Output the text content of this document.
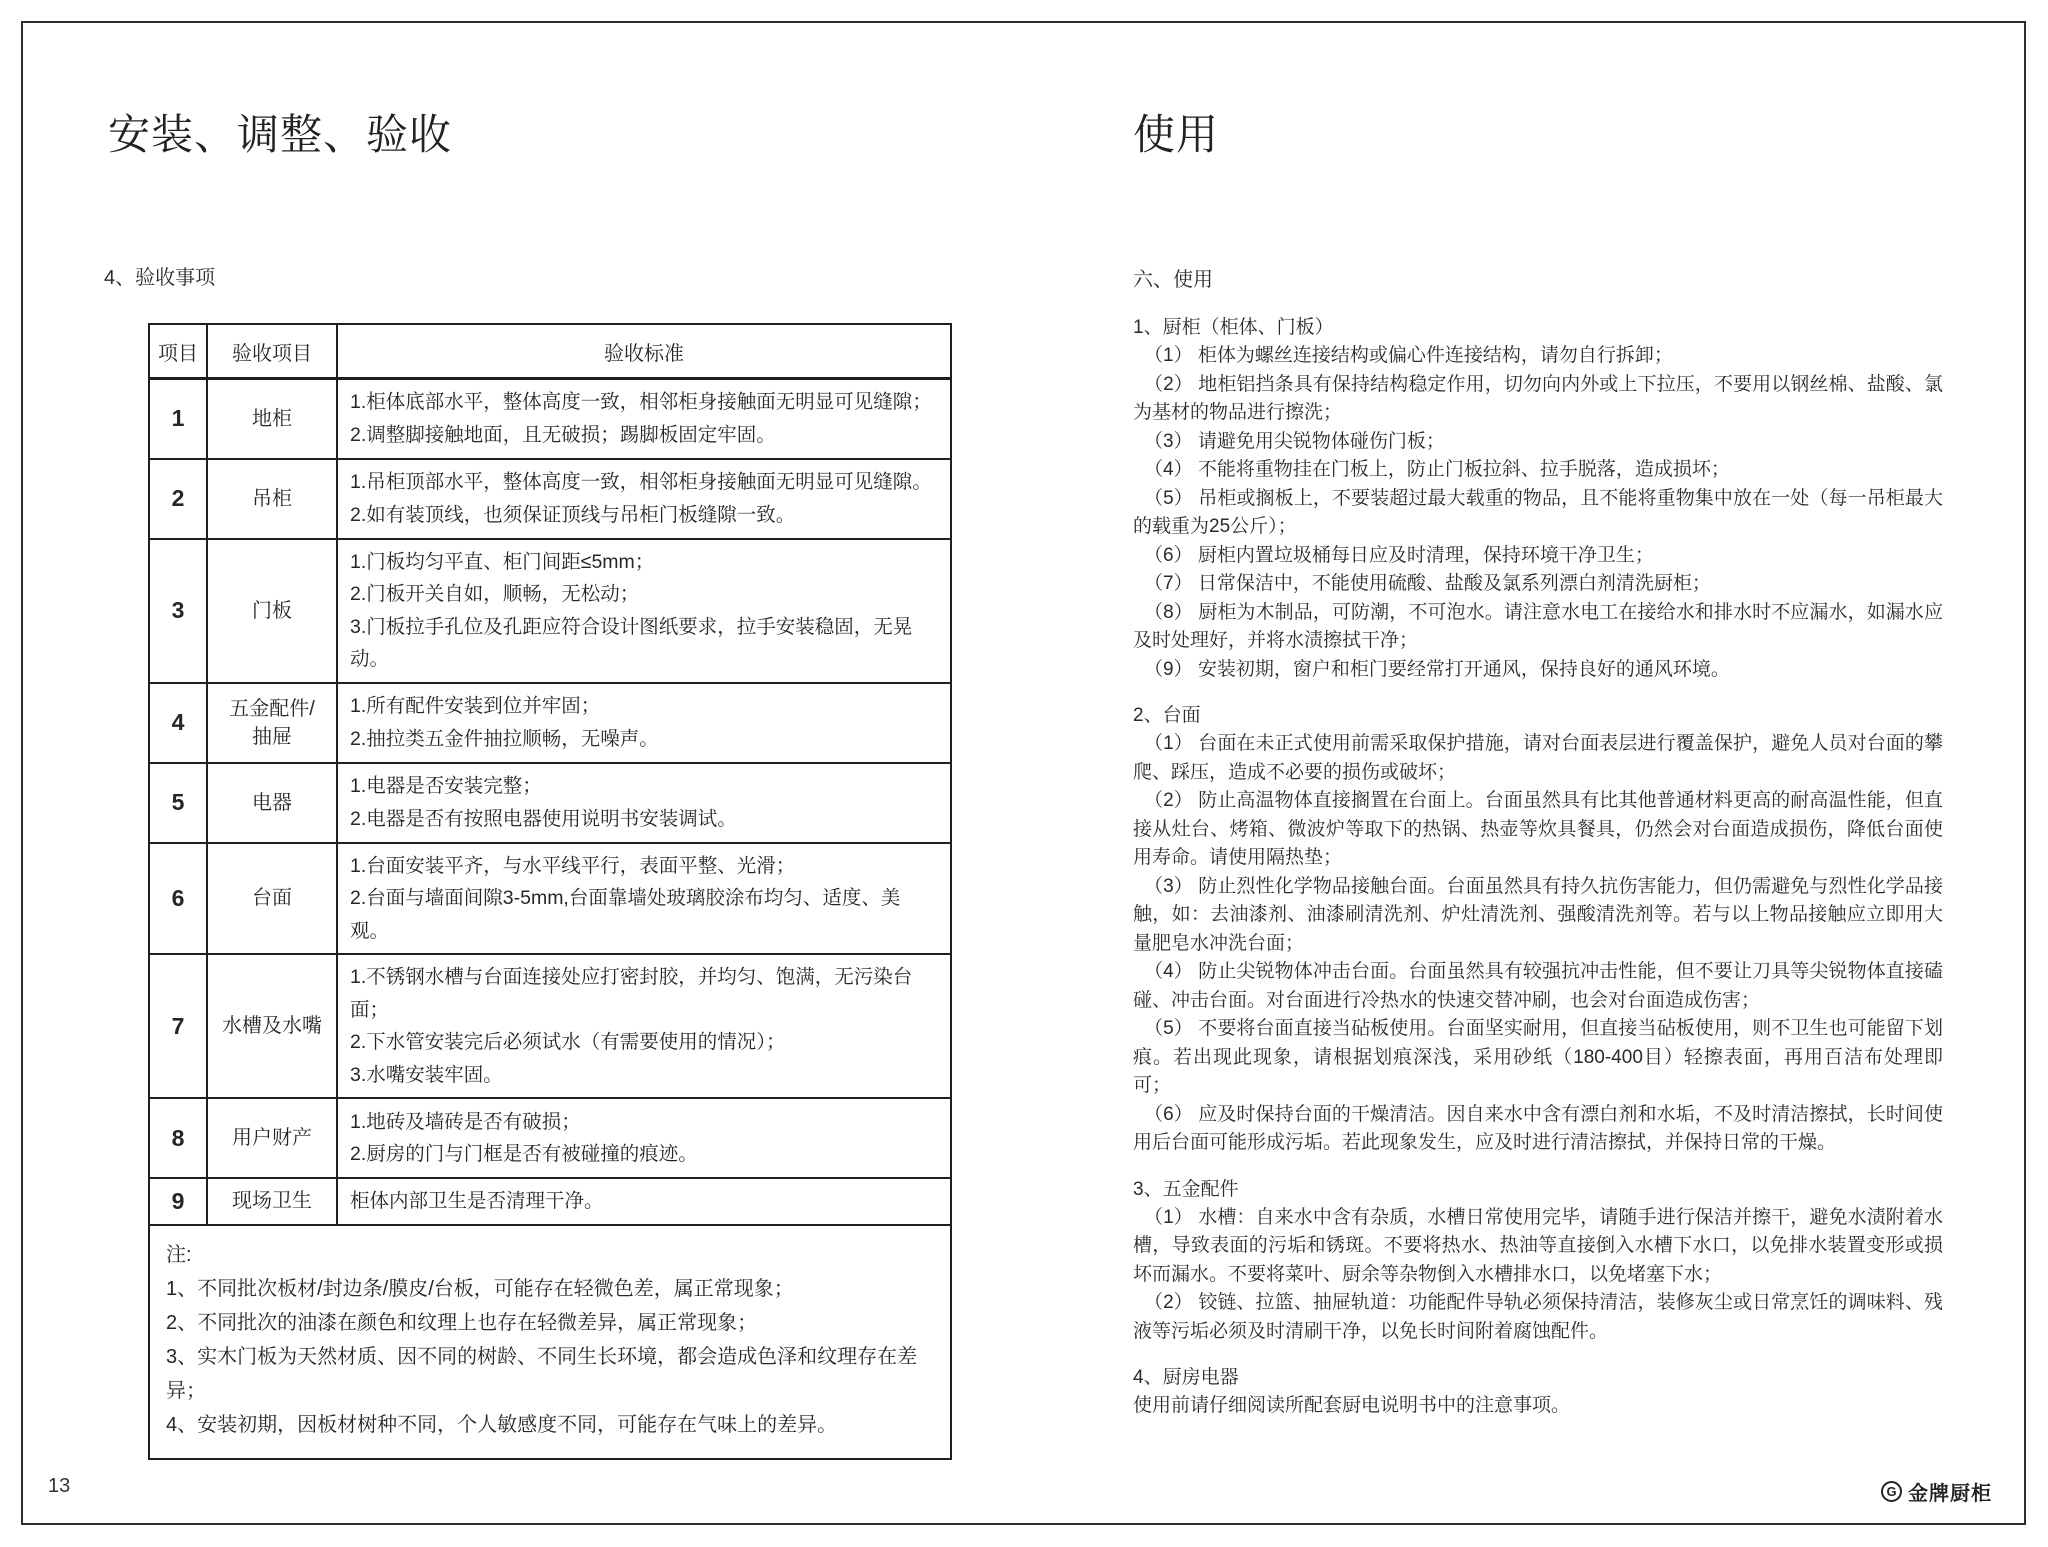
安装、调整、验收
4、验收事项
项目	验收项目	验收标准
1	地柜	1.柜体底部水平，整体高度一致，相邻柜身接触面无明显可见缝隙；
2.调整脚接触地面，且无破损；踢脚板固定牢固。

2	吊柜	1.吊柜顶部水平，整体高度一致，相邻柜身接触面无明显可见缝隙。
2.如有装顶线，也须保证顶线与吊柜门板缝隙一致。

3	门板	1.门板均匀平直、柜门间距≤5mm；
2.门板开关自如，顺畅，无松动；
3.门板拉手孔位及孔距应符合设计图纸要求，拉手安装稳固，无晃动。

4	五金配件/抽屉	1.所有配件安装到位并牢固；
2.抽拉类五金件抽拉顺畅，无噪声。

5	电器	1.电器是否安装完整；
2.电器是否有按照电器使用说明书安装调试。

6	台面	1.台面安装平齐，与水平线平行，表面平整、光滑；
2.台面与墙面间隙3-5mm,台面靠墙处玻璃胶涂布均匀、适度、美观。

7	水槽及水嘴	1.不锈钢水槽与台面连接处应打密封胶，并均匀、饱满，无污染台面；
2.下水管安装完后必须试水（有需要使用的情况）；
3.水嘴安装牢固。

8	用户财产	1.地砖及墙砖是否有破损；
2.厨房的门与门框是否有被碰撞的痕迹。

9	现场卫生	柜体内部卫生是否清理干净。

注:
1、不同批次板材/封边条/膜皮/台板，可能存在轻微色差，属正常现象；
2、不同批次的油漆在颜色和纹理上也存在轻微差异，属正常现象；
3、实木门板为天然材质、因不同的树龄、不同生长环境，都会造成色泽和纹理存在差异；
4、安装初期，因板材树种不同，个人敏感度不同，可能存在气味上的差异。		
使用
六、使用
1、厨柜（柜体、门板）

（1） 柜体为螺丝连接结构或偏心件连接结构，请勿自行拆卸；

（2） 地柜铝挡条具有保持结构稳定作用，切勿向内外或上下拉压，不要用以钢丝棉、盐酸、氯为基材的物品进行擦洗；

（3） 请避免用尖锐物体碰伤门板；

（4） 不能将重物挂在门板上，防止门板拉斜、拉手脱落，造成损坏；

（5） 吊柜或搁板上，不要装超过最大载重的物品，且不能将重物集中放在一处（每一吊柜最大的载重为25公斤）；

（6） 厨柜内置垃圾桶每日应及时清理，保持环境干净卫生；

（7） 日常保洁中，不能使用硫酸、盐酸及氯系列漂白剂清洗厨柜；

（8） 厨柜为木制品，可防潮，不可泡水。请注意水电工在接给水和排水时不应漏水，如漏水应及时处理好，并将水渍擦拭干净；

（9） 安装初期，窗户和柜门要经常打开通风，保持良好的通风环境。

2、台面

（1） 台面在未正式使用前需采取保护措施，请对台面表层进行覆盖保护，避免人员对台面的攀爬、踩压，造成不必要的损伤或破坏；

（2） 防止高温物体直接搁置在台面上。台面虽然具有比其他普通材料更高的耐高温性能，但直接从灶台、烤箱、微波炉等取下的热锅、热壶等炊具餐具，仍然会对台面造成损伤，降低台面使用寿命。请使用隔热垫；

（3） 防止烈性化学物品接触台面。台面虽然具有持久抗伤害能力，但仍需避免与烈性化学品接触，如：去油漆剂、油漆刷清洗剂、炉灶清洗剂、强酸清洗剂等。若与以上物品接触应立即用大量肥皂水冲洗台面；

（4） 防止尖锐物体冲击台面。台面虽然具有较强抗冲击性能，但不要让刀具等尖锐物体直接磕碰、冲击台面。对台面进行冷热水的快速交替冲刷，也会对台面造成伤害；

（5） 不要将台面直接当砧板使用。台面坚实耐用，但直接当砧板使用，则不卫生也可能留下划痕。若出现此现象，请根据划痕深浅，采用砂纸（180-400目）轻擦表面，再用百洁布处理即可；

（6） 应及时保持台面的干燥清洁。因自来水中含有漂白剂和水垢，不及时清洁擦拭，长时间使用后台面可能形成污垢。若此现象发生，应及时进行清洁擦拭，并保持日常的干燥。

3、五金配件

（1） 水槽：自来水中含有杂质，水槽日常使用完毕，请随手进行保洁并擦干，避免水渍附着水槽，导致表面的污垢和锈斑。不要将热水、热油等直接倒入水槽下水口，以免排水装置变形或损坏而漏水。不要将菜叶、厨余等杂物倒入水槽排水口，以免堵塞下水；

（2） 铰链、拉篮、抽屉轨道：功能配件导轨必须保持清洁，装修灰尘或日常烹饪的调味料、残液等污垢必须及时清刷干净，以免长时间附着腐蚀配件。

4、厨房电器

使用前请仔细阅读所配套厨电说明书中的注意事项。

13	G 金牌厨柜
